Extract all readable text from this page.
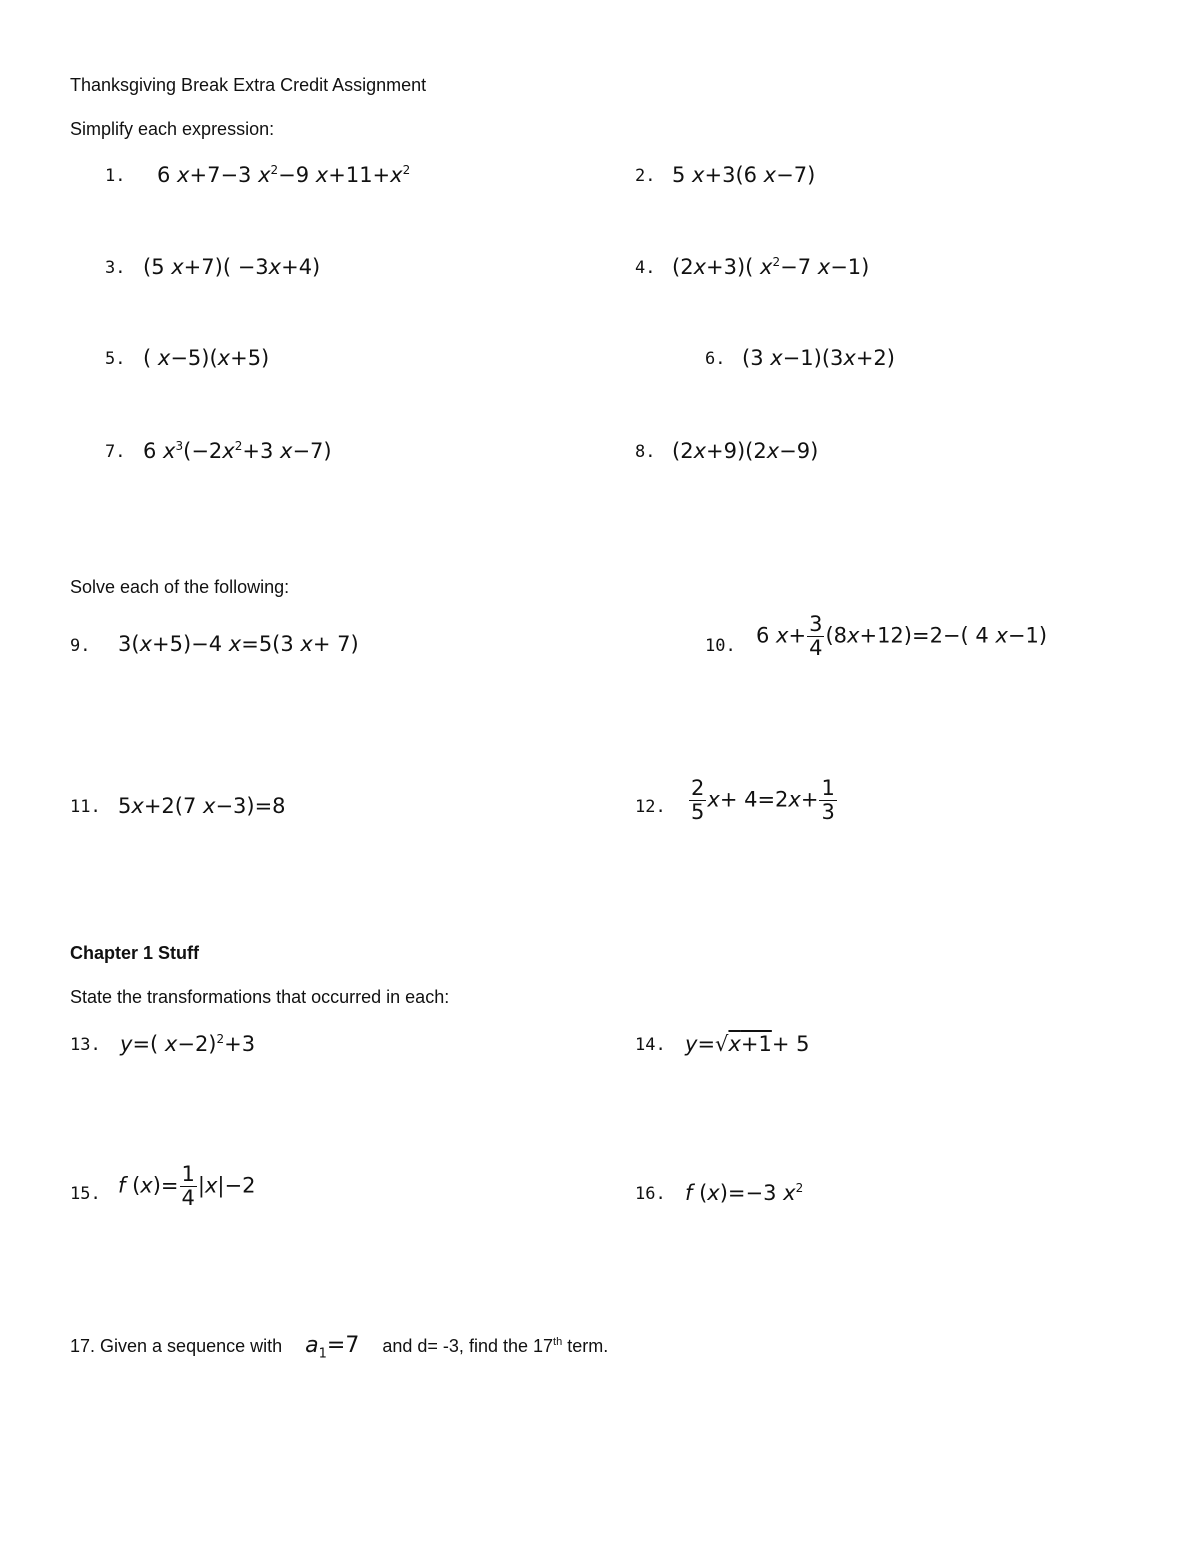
Thanksgiving Break Extra Credit Assignment
Simplify each expression:
1. 6 x+7−3 $x^2-9$ $x+11+x^2$	2. 5 x+3(6 x−7)
3. (5 x+7)( −3x+4)	4. (2x+3)( $x^2-7$ x−1)
5. ( x−5)(x+5)	6. (3 x−1)(3x+2)
7. 6 $x^3(-2x^2+3$ x−7)	8. (2x+9)(2x−9)
Solve each of the following:
9. 3(x+5)−4 x=5(3 x+ 7)	10. 6 $x+ \frac{3}{4} (8x+12)=2-$( 4 x−1)
11. 5x+2(7 x−3)=8	12. $\frac{2}{5} x+ 4=2x+ \frac{1}{3}$
Chapter 1 Stuff
State the transformations that occurred in each:
13. y=( x−2)$^2$+3	14. y=√x+1+ 5
15. f $(x)= \frac{1}{4} |x|-2$	16. f (x)=−3 $x^2$
17. Given a sequence with $a_1=7$ and d= -3, find the 17th term.
